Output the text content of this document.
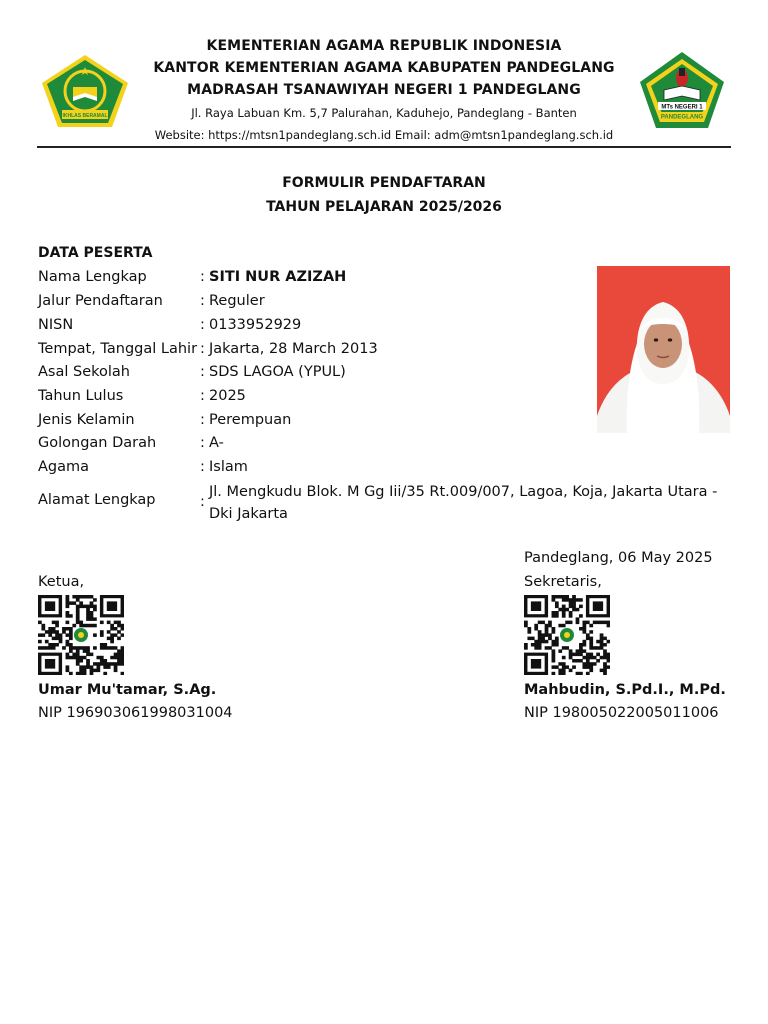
IKHLAS BERAMAL
MTs NEGERI 1
PANDEGLANG
KEMENTERIAN AGAMA REPUBLIK INDONESIA
KANTOR KEMENTERIAN AGAMA KABUPATEN PANDEGLANG
MADRASAH TSANAWIYAH NEGERI 1 PANDEGLANG
Jl. Raya Labuan Km. 5,7 Palurahan, Kaduhejo, Pandeglang - Banten
Website: https://mtsn1pandeglang.sch.id Email: adm@mtsn1pandeglang.sch.id
FORMULIR PENDAFTARAN
TAHUN PELAJARAN 2025/2026
DATA PESERTA
Nama Lengkap	: SITI NUR AZIZAH
Jalur Pendaftaran	: Reguler
NISN	: 0133952929
Tempat, Tanggal Lahir : Jakarta, 28 March 2013
Asal Sekolah	: SDS LAGOA (YPUL)
Tahun Lulus	: 2025
Jenis Kelamin	: Perempuan
Golongan Darah	: A-
Agama	: Islam
Alamat Lengkap	:
Jl. Mengkudu Blok. M Gg Iii/35 Rt.009/007, Lagoa, Koja, Jakarta Utara - Dki Jakarta
Pandeglang, 06 May 2025
Ketua,	Sekretaris,
Umar Mu'tamar, S.Ag.
NIP 196903061998031004
Mahbudin, S.Pd.I., M.Pd.
NIP 198005022005011006
